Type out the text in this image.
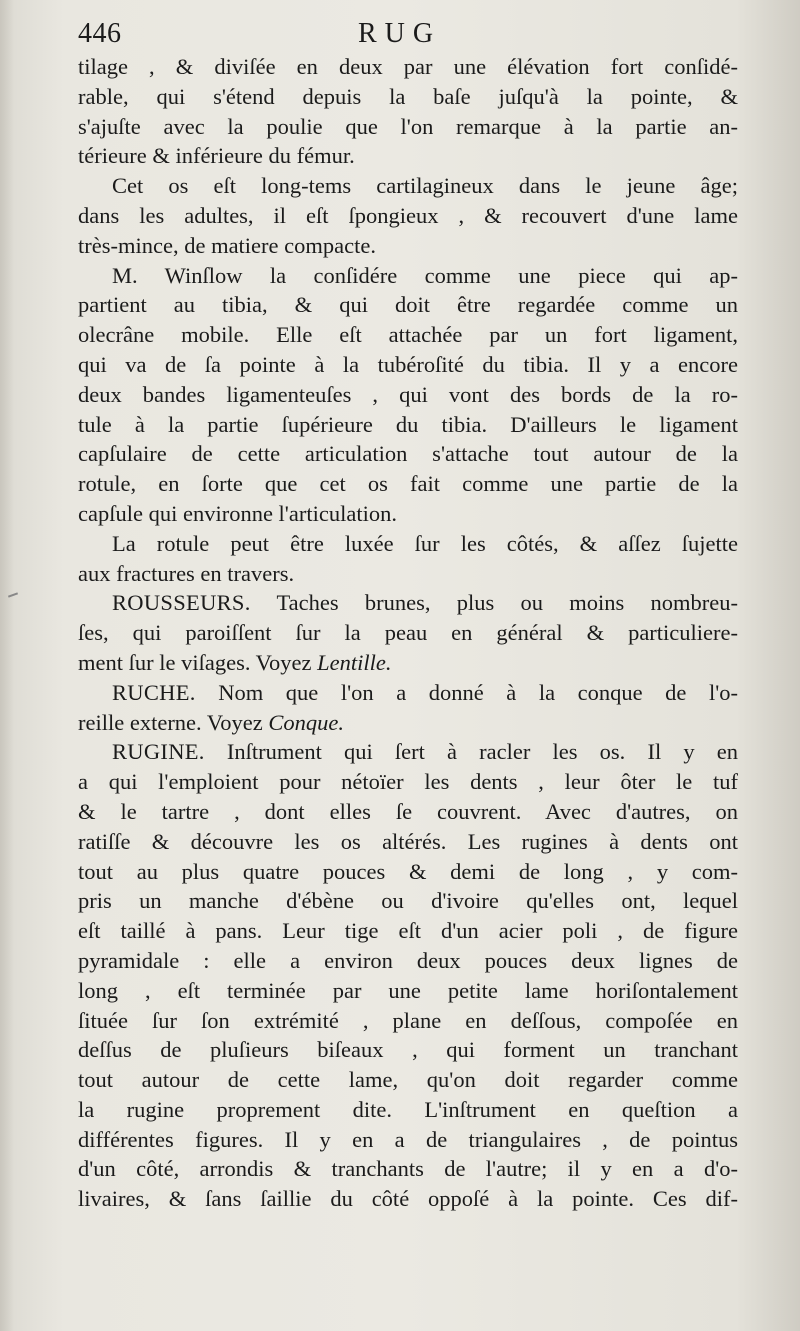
446	RUG
tilage , & diviſée en deux par une élévation fort conſidé-
rable, qui s'étend depuis la baſe juſqu'à la pointe, &
s'ajuſte avec la poulie que l'on remarque à la partie an-
térieure & inférieure du fémur.
Cet os eſt long-tems cartilagineux dans le jeune âge;
dans les adultes, il eſt ſpongieux , & recouvert d'une lame
très-mince, de matiere compacte.
M. Winſlow la conſidére comme une piece qui ap-
partient au tibia, & qui doit être regardée comme un
olecrâne mobile. Elle eſt attachée par un fort ligament,
qui va de ſa pointe à la tubéroſité du tibia. Il y a encore
deux bandes ligamenteuſes , qui vont des bords de la ro-
tule à la partie ſupérieure du tibia. D'ailleurs le ligament
capſulaire de cette articulation s'attache tout autour de la
rotule, en ſorte que cet os fait comme une partie de la
capſule qui environne l'articulation.
La rotule peut être luxée ſur les côtés, & aſſez ſujette
aux fractures en travers.
ROUSSEURS. Taches brunes, plus ou moins nombreu-
ſes, qui paroiſſent ſur la peau en général & particuliere-
ment ſur le viſages. Voyez Lentille.
RUCHE. Nom que l'on a donné à la conque de l'o-
reille externe. Voyez Conque.
RUGINE. Inſtrument qui ſert à racler les os. Il y en
a qui l'emploient pour nétoïer les dents , leur ôter le tuf
& le tartre , dont elles ſe couvrent. Avec d'autres, on
ratiſſe & découvre les os altérés. Les rugines à dents ont
tout au plus quatre pouces & demi de long , y com-
pris un manche d'ébène ou d'ivoire qu'elles ont, lequel
eſt taillé à pans. Leur tige eſt d'un acier poli , de figure
pyramidale : elle a environ deux pouces deux lignes de
long , eſt terminée par une petite lame horiſontalement
ſituée ſur ſon extrémité , plane en deſſous, compoſée en
deſſus de pluſieurs biſeaux , qui forment un tranchant
tout autour de cette lame, qu'on doit regarder comme
la rugine proprement dite. L'inſtrument en queſtion a
différentes figures. Il y en a de triangulaires , de pointus
d'un côté, arrondis & tranchants de l'autre; il y en a d'o-
livaires, & ſans ſaillie du côté oppoſé à la pointe. Ces dif-
